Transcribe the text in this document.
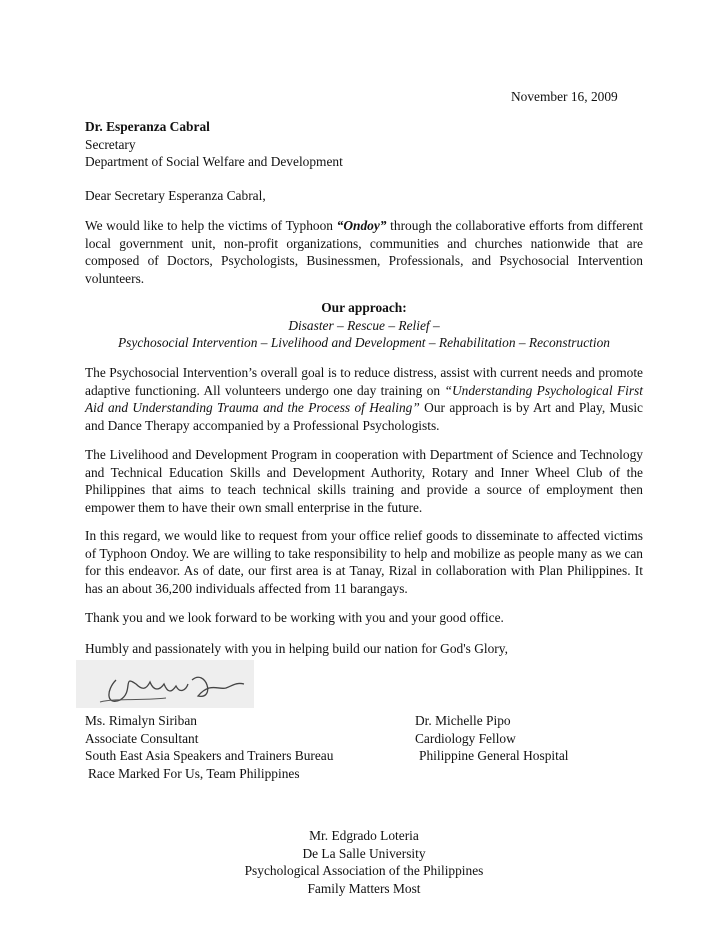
November 16, 2009
Dr. Esperanza Cabral
Secretary
Department of Social Welfare and Development
Dear Secretary Esperanza Cabral,
We would like to help the victims of Typhoon “Ondoy” through the collaborative efforts from different local government unit, non-profit organizations, communities and churches nationwide that are composed of Doctors, Psychologists, Businessmen, Professionals, and Psychosocial Intervention volunteers.
Our approach:
Disaster – Rescue – Relief –
Psychosocial Intervention – Livelihood and Development – Rehabilitation – Reconstruction
The Psychosocial Intervention’s overall goal is to reduce distress, assist with current needs and promote adaptive functioning. All volunteers undergo one day training on “Understanding Psychological First Aid and Understanding Trauma and the Process of Healing” Our approach is by Art and Play, Music and Dance Therapy accompanied by a Professional Psychologists.
The Livelihood and Development Program in cooperation with Department of Science and Technology and Technical Education Skills and Development Authority, Rotary and Inner Wheel Club of the Philippines that aims to teach technical skills training and provide a source of employment then empower them to have their own small enterprise in the future.
In this regard, we would like to request from your office relief goods to disseminate to affected victims of Typhoon Ondoy. We are willing to take responsibility to help and mobilize as people many as we can for this endeavor. As of date, our first area is at Tanay, Rizal in collaboration with Plan Philippines. It has an about 36,200 individuals affected from 11 barangays.
Thank you and we look forward to be working with you and your good office.
Humbly and passionately with you in helping build our nation for God's Glory,
Ms. Rimalyn Siriban
Associate Consultant
South East Asia Speakers and Trainers Bureau
Race Marked For Us, Team Philippines
Dr. Michelle Pipo
Cardiology Fellow
Philippine General Hospital
Mr. Edgrado Loteria
De La Salle University
Psychological Association of the Philippines
Family Matters Most
